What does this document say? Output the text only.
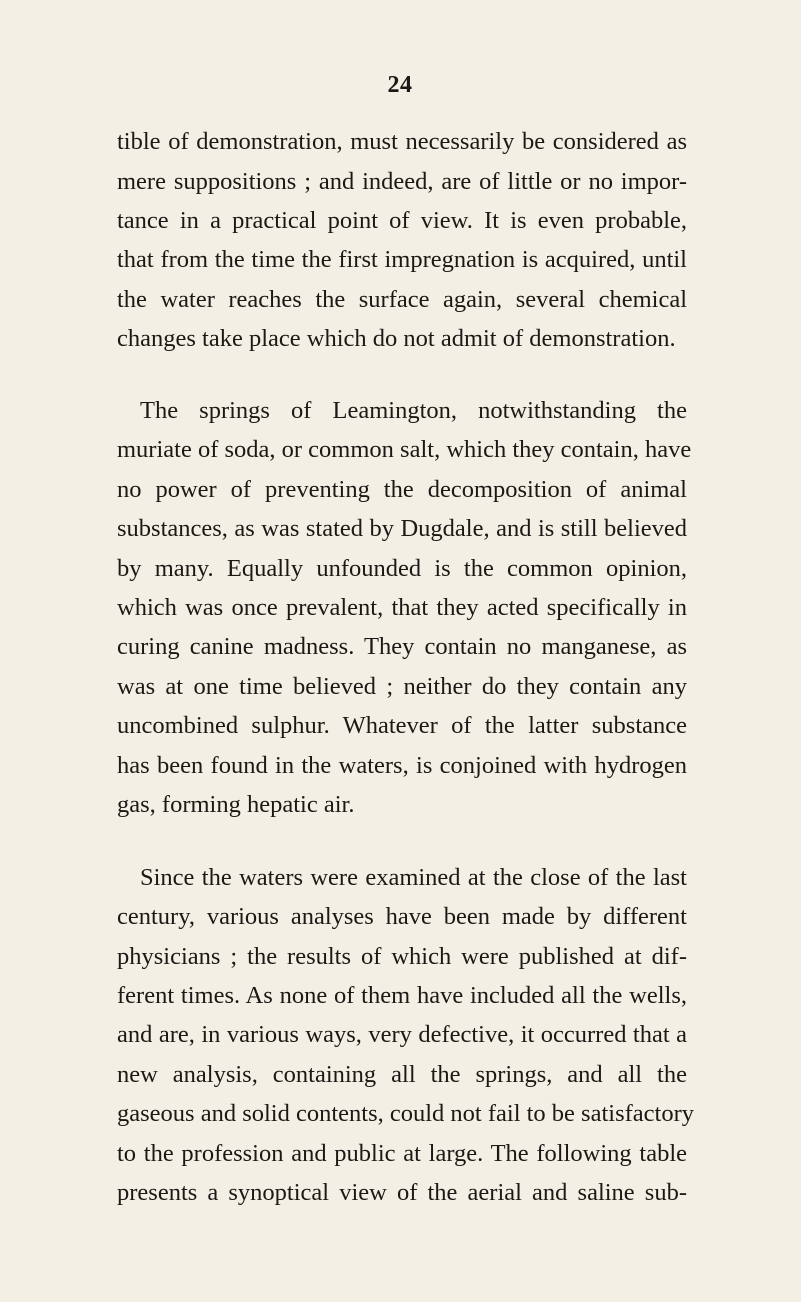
24
tible of demonstration, must necessarily be considered as
mere suppositions ; and indeed, are of little or no impor-
tance in a practical point of view. It is even probable,
that from the time the first impregnation is acquired, until
the water reaches the surface again, several chemical
changes take place which do not admit of demonstration.
The springs of Leamington, notwithstanding the
muriate of soda, or common salt, which they contain, have
no power of preventing the decomposition of animal
substances, as was stated by Dugdale, and is still believed
by many. Equally unfounded is the common opinion,
which was once prevalent, that they acted specifically in
curing canine madness. They contain no manganese, as
was at one time believed ; neither do they contain any
uncombined sulphur. Whatever of the latter substance
has been found in the waters, is conjoined with hydrogen
gas, forming hepatic air.
Since the waters were examined at the close of the last
century, various analyses have been made by different
physicians ; the results of which were published at dif-
ferent times. As none of them have included all the wells,
and are, in various ways, very defective, it occurred that a
new analysis, containing all the springs, and all the
gaseous and solid contents, could not fail to be satisfactory
to the profession and public at large. The following table
presents a synoptical view of the aerial and saline sub-
